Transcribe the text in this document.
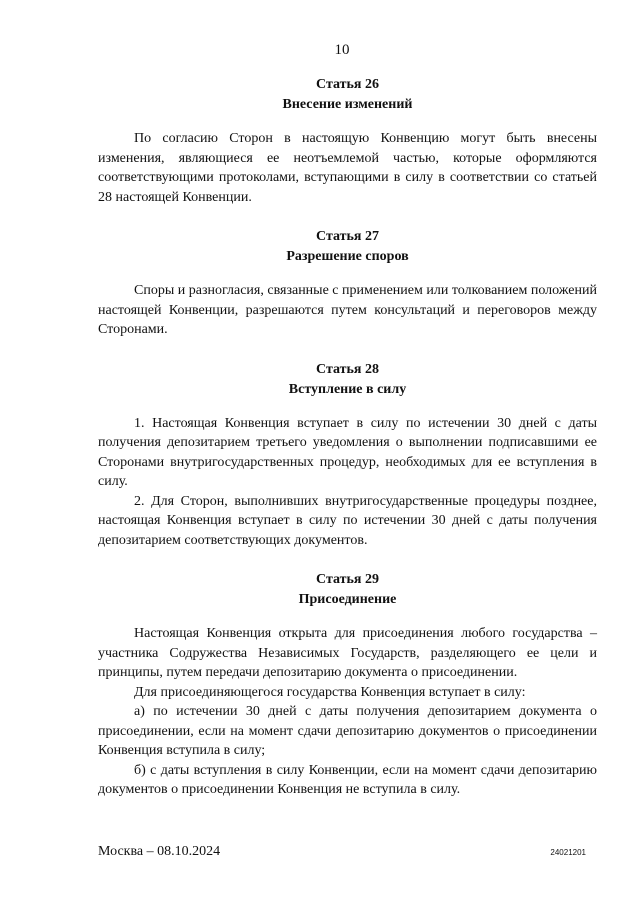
10
Статья 26
Внесение изменений

По согласию Сторон в настоящую Конвенцию могут быть внесены изменения, являющиеся ее неотъемлемой частью, которые оформляются соответствующими протоколами, вступающими в силу в соответствии со статьей 28 настоящей Конвенции.

Статья 27
Разрешение споров

Споры и разногласия, связанные с применением или толкованием положений настоящей Конвенции, разрешаются путем консультаций и переговоров между Сторонами.

Статья 28
Вступление в силу

1. Настоящая Конвенция вступает в силу по истечении 30 дней с даты получения депозитарием третьего уведомления о выполнении подписавшими ее Сторонами внутригосударственных процедур, необходимых для ее вступления в силу.

2. Для Сторон, выполнивших внутригосударственные процедуры позднее, настоящая Конвенция вступает в силу по истечении 30 дней с даты получения депозитарием соответствующих документов.

Статья 29
Присоединение

Настоящая Конвенция открыта для присоединения любого государства – участника Содружества Независимых Государств, разделяющего ее цели и принципы, путем передачи депозитарию документа о присоединении.

Для присоединяющегося государства Конвенция вступает в силу:

а) по истечении 30 дней с даты получения депозитарием документа о присоединении, если на момент сдачи депозитарию документов о присоединении Конвенция вступила в силу;

б) с даты вступления в силу Конвенции, если на момент сдачи депозитарию документов о присоединении Конвенция не вступила в силу.

Москва – 08.10.2024	24021201
